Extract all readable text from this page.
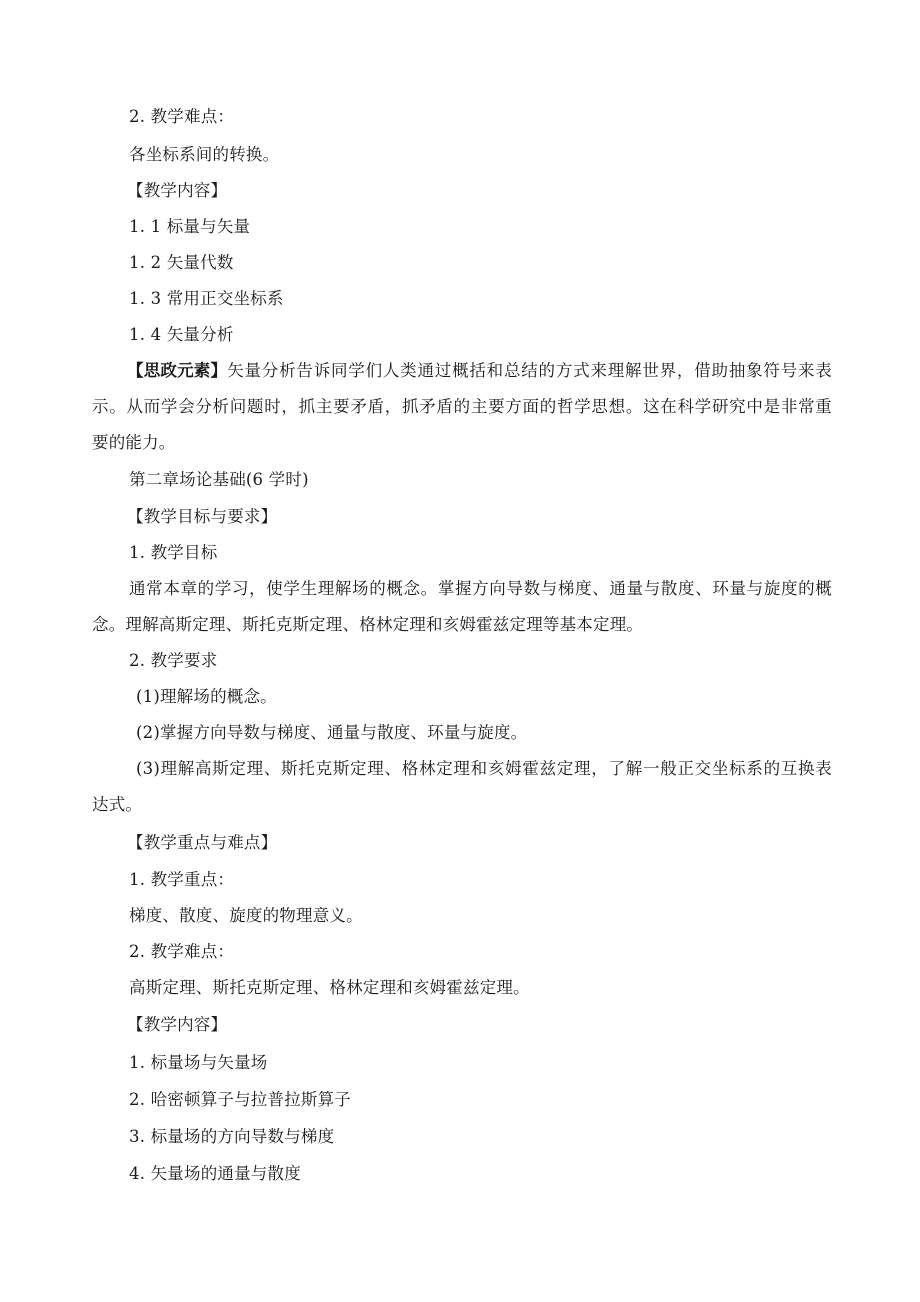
2. 教学难点：
各坐标系间的转换。
【教学内容】
1. 1 标量与矢量
1. 2 矢量代数
1. 3 常用正交坐标系
1. 4 矢量分析
【思政元素】 矢量分析告诉同学们人类通过概括和总结的方式来理解世界，借助抽象符号来表
示。从而学会分析问题时，抓主要矛盾，抓矛盾的主要方面的哲学思想。这在科学研究中是非常重
要的能力。
第二章场论基础(6 学时)
【教学目标与要求】
1. 教学目标
通常本章的学习，使学生理解场的概念。掌握方向导数与梯度、通量与散度、环量与旋度的概
念。理解高斯定理、斯托克斯定理、格林定理和亥姆霍兹定理等基本定理。
2. 教学要求
(1)理解场的概念。
(2)掌握方向导数与梯度、通量与散度、环量与旋度。
(3)理解高斯定理、斯托克斯定理、格林定理和亥姆霍兹定理，了解一般正交坐标系的互换表
达式。
【教学重点与难点】
1. 教学重点：
梯度、散度、旋度的物理意义。
2. 教学难点：
高斯定理、斯托克斯定理、格林定理和亥姆霍兹定理。
【教学内容】
1. 标量场与矢量场
2. 哈密顿算子与拉普拉斯算子
3. 标量场的方向导数与梯度
4. 矢量场的通量与散度
